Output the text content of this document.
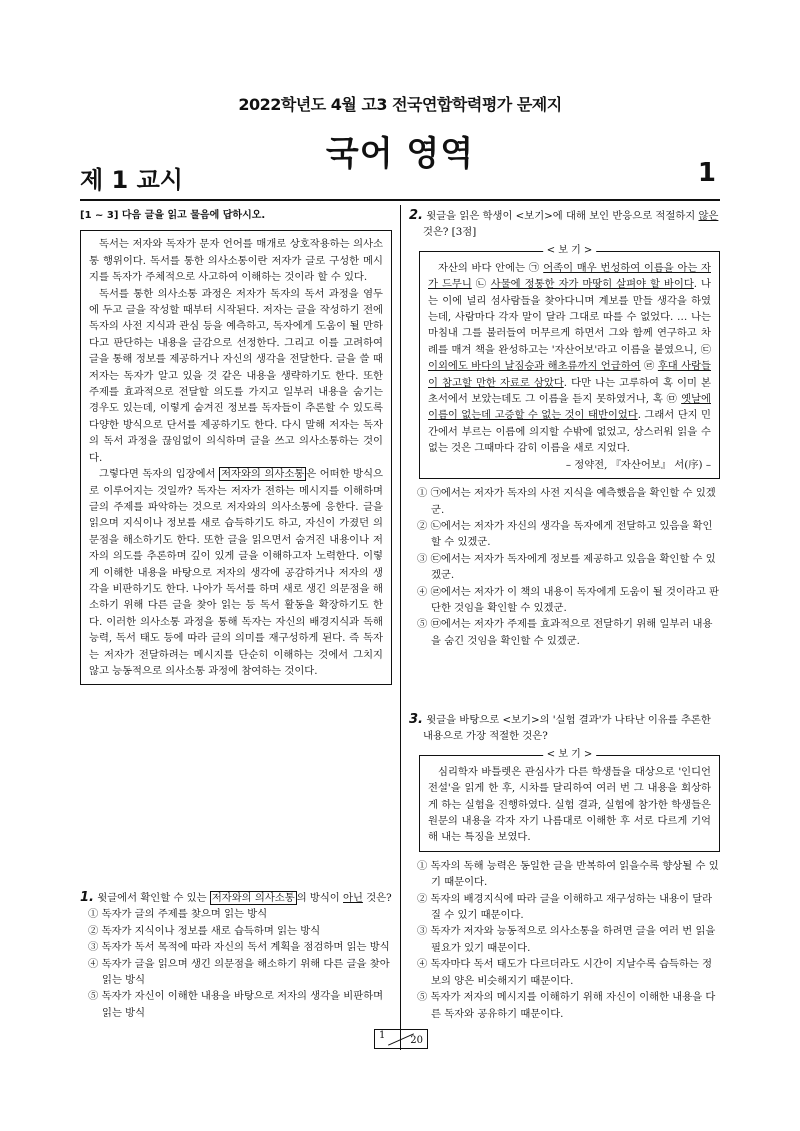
2022학년도 4월 고3 전국연합학력평가 문제지
국어 영역
제 1 교시	1
[1 ~ 3] 다음 글을 읽고 물음에 답하시오.

독서는 저자와 독자가 문자 언어를 매개로 상호작용하는 의사소통 행위이다. 독서를 통한 의사소통이란 저자가 글로 구성한 메시지를 독자가 주체적으로 사고하여 이해하는 것이라 할 수 있다.

독서를 통한 의사소통 과정은 저자가 독자의 독서 과정을 염두에 두고 글을 작성할 때부터 시작된다. 저자는 글을 작성하기 전에 독자의 사전 지식과 관심 등을 예측하고, 독자에게 도움이 될 만하다고 판단하는 내용을 글감으로 선정한다. 그리고 이를 고려하여 글을 통해 정보를 제공하거나 자신의 생각을 전달한다. 글을 쓸 때 저자는 독자가 알고 있을 것 같은 내용을 생략하기도 한다. 또한 주제를 효과적으로 전달할 의도를 가지고 일부러 내용을 숨기는 경우도 있는데, 이렇게 숨겨진 정보를 독자들이 추론할 수 있도록 다양한 방식으로 단서를 제공하기도 한다. 다시 말해 저자는 독자의 독서 과정을 끊임없이 의식하며 글을 쓰고 의사소통하는 것이다.

그렇다면 독자의 입장에서 저자와의 의사소통 은 어떠한 방식으로 이루어지는 것일까? 독자는 저자가 전하는 메시지를 이해하며 글의 주제를 파악하는 것으로 저자와의 의사소통에 응한다. 글을 읽으며 지식이나 정보를 새로 습득하기도 하고, 자신이 가졌던 의문점을 해소하기도 한다. 또한 글을 읽으면서 숨겨진 내용이나 저자의 의도를 추론하며 깊이 있게 글을 이해하고자 노력한다. 이렇게 이해한 내용을 바탕으로 저자의 생각에 공감하거나 저자의 생각을 비판하기도 한다. 나아가 독서를 하며 새로 생긴 의문점을 해소하기 위해 다른 글을 찾아 읽는 등 독서 활동을 확장하기도 한다. 이러한 의사소통 과정을 통해 독자는 자신의 배경지식과 독해 능력, 독서 태도 등에 따라 글의 의미를 재구성하게 된다. 즉 독자는 저자가 전달하려는 메시지를 단순히 이해하는 것에서 그치지 않고 능동적으로 의사소통 과정에 참여하는 것이다.

1. 윗글에서 확인할 수 있는 저자와의 의사소통 의 방식이 아닌 것은?

① 독자가 글의 주제를 찾으며 읽는 방식

② 독자가 지식이나 정보를 새로 습득하며 읽는 방식

③ 독자가 독서 목적에 따라 자신의 독서 계획을 점검하며 읽는 방식

④ 독자가 글을 읽으며 생긴 의문점을 해소하기 위해 다른 글을 찾아 읽는 방식

⑤ 독자가 자신이 이해한 내용을 바탕으로 저자의 생각을 비판하며 읽는 방식

2. 윗글을 읽은 학생이 <보기>에 대해 보인 반응으로 적절하지 않은 것은? [3점]
< 보 기 >
자산의 바다 안에는 ㉠ 어족이 매우 번성하여 이름을 아는 자가 드무니 ㉡ 사물에 정통한 자가 마땅히 살펴야 할 바이다. 나는 이에 널리 섬사람들을 찾아다니며 계보를 만들 생각을 하였는데, 사람마다 각자 말이 달라 그대로 따를 수 없었다. … 나는 마침내 그를 불러들여 머무르게 하면서 그와 함께 연구하고 차례를 매겨 책을 완성하고는 '자산어보'라고 이름을 붙였으니, ㉢ 이외에도 바다의 날짐승과 해초류까지 언급하여 ㉣ 후대 사람들이 참고할 만한 자료로 삼았다. 다만 나는 고루하여 혹 이미 본초서에서 보았는데도 그 이름을 듣지 못하였거나, 혹 ㉤ 옛날에 이름이 없는데 고증할 수 없는 것이 태반이었다. 그래서 단지 민간에서 부르는 이름에 의지할 수밖에 없었고, 상스러워 읽을 수 없는 것은 그때마다 감히 이름을 새로 지었다.
– 정약전, 『자산어보』 서(序) –

① ㉠에서는 저자가 독자의 사전 지식을 예측했음을 확인할 수 있겠군.

② ㉡에서는 저자가 자신의 생각을 독자에게 전달하고 있음을 확인할 수 있겠군.

③ ㉢에서는 저자가 독자에게 정보를 제공하고 있음을 확인할 수 있겠군.

④ ㉣에서는 저자가 이 책의 내용이 독자에게 도움이 될 것이라고 판단한 것임을 확인할 수 있겠군.

⑤ ㉤에서는 저자가 주제를 효과적으로 전달하기 위해 일부러 내용을 숨긴 것임을 확인할 수 있겠군.

3. 윗글을 바탕으로 <보기>의 '실험 결과'가 나타난 이유를 추론한 내용으로 가장 적절한 것은?
< 보 기 >
심리학자 바틀렛은 관심사가 다른 학생들을 대상으로 '인디언 전설'을 읽게 한 후, 시차를 달리하여 여러 번 그 내용을 회상하게 하는 실험을 진행하였다. 실험 결과, 실험에 참가한 학생들은 원문의 내용을 각자 자기 나름대로 이해한 후 서로 다르게 기억해 내는 특징을 보였다.

① 독자의 독해 능력은 동일한 글을 반복하여 읽을수록 향상될 수 있기 때문이다.

② 독자의 배경지식에 따라 글을 이해하고 재구성하는 내용이 달라질 수 있기 때문이다.

③ 독자가 저자와 능동적으로 의사소통을 하려면 글을 여러 번 읽을 필요가 있기 때문이다.

④ 독자마다 독서 태도가 다르더라도 시간이 지날수록 습득하는 정보의 양은 비슷해지기 때문이다.

⑤ 독자가 저자의 메시지를 이해하기 위해 자신이 이해한 내용을 다른 독자와 공유하기 때문이다.

1 20
